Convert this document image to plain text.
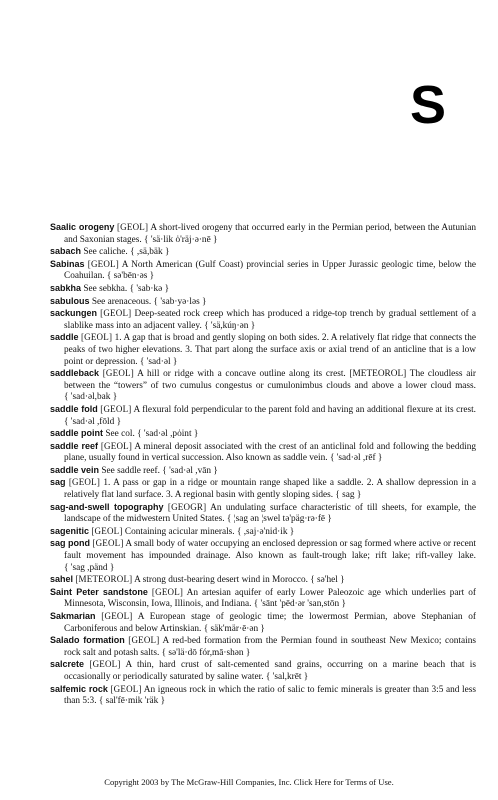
S

Saalic orogeny [GEOL] A short-lived orogeny that occurred early in the Permian period, between the Autunian and Saxonian stages. { 'sä·lik ȯ'räj·ə·nē }

sabach See caliche. { ,sä,bäk }

Sabinas [GEOL] A North American (Gulf Coast) provincial series in Upper Jurassic geologic time, below the Coahuilan. { sə'bēn·əs }

sabkha See sebkha. { 'sab·kə }

sabulous See arenaceous. { 'sab·yə·ləs }

sackungen [GEOL] Deep-seated rock creep which has produced a ridge-top trench by gradual settlement of a slablike mass into an adjacent valley. { 'sä,kúŋ·ən }

saddle [GEOL] 1. A gap that is broad and gently sloping on both sides. 2. A relatively flat ridge that connects the peaks of two higher elevations. 3. That part along the surface axis or axial trend of an anticline that is a low point or depression. { 'sad·əl }

saddleback [GEOL] A hill or ridge with a concave outline along its crest. [METEOROL] The cloudless air between the “towers” of two cumulus congestus or cumulonimbus clouds and above a lower cloud mass. { 'sad·əl,bak }

saddle fold [GEOL] A flexural fold perpendicular to the parent fold and having an additional flexure at its crest. { 'sad·əl ,fōld }

saddle point See col. { 'sad·əl ,pȯint }

saddle reef [GEOL] A mineral deposit associated with the crest of an anticlinal fold and following the bedding plane, usually found in vertical succession. Also known as saddle vein. { 'sad·əl ,rēf }

saddle vein See saddle reef. { 'sad·əl ,vān }

sag [GEOL] 1. A pass or gap in a ridge or mountain range shaped like a saddle. 2. A shallow depression in a relatively flat land surface. 3. A regional basin with gently sloping sides. { sag }

sag-and-swell topography [GEOGR] An undulating surface characteristic of till sheets, for example, the landscape of the midwestern United States. { ¦sag ən ¦swel tə'päg·rə·fē }

sagenitic [GEOL] Containing acicular minerals. { ,saj·ə'nid·ik }

sag pond [GEOL] A small body of water occupying an enclosed depression or sag formed where active or recent fault movement has impounded drainage. Also known as fault-trough lake; rift lake; rift-valley lake. { 'sag ,pänd }

sahel [METEOROL] A strong dust-bearing desert wind in Morocco. { sə'hel }

Saint Peter sandstone [GEOL] An artesian aquifer of early Lower Paleozoic age which underlies part of Minnesota, Wisconsin, Iowa, Illinois, and Indiana. { 'sānt 'pēd·ər 'san,stōn }

Sakmarian [GEOL] A European stage of geologic time; the lowermost Permian, above Stephanian of Carboniferous and below Artinskian. { säk'mär·ē·ən }

Salado formation [GEOL] A red-bed formation from the Permian found in southeast New Mexico; contains rock salt and potash salts. { sə'lä·dō fór,mā·shən }

salcrete [GEOL] A thin, hard crust of salt-cemented sand grains, occurring on a marine beach that is occasionally or periodically saturated by saline water. { 'sal,krēt }

salfemic rock [GEOL] An igneous rock in which the ratio of salic to femic minerals is greater than 3:5 and less than 5:3. { sal'fē·mik 'räk }

Copyright 2003 by The McGraw-Hill Companies, Inc. Click Here for Terms of Use.
